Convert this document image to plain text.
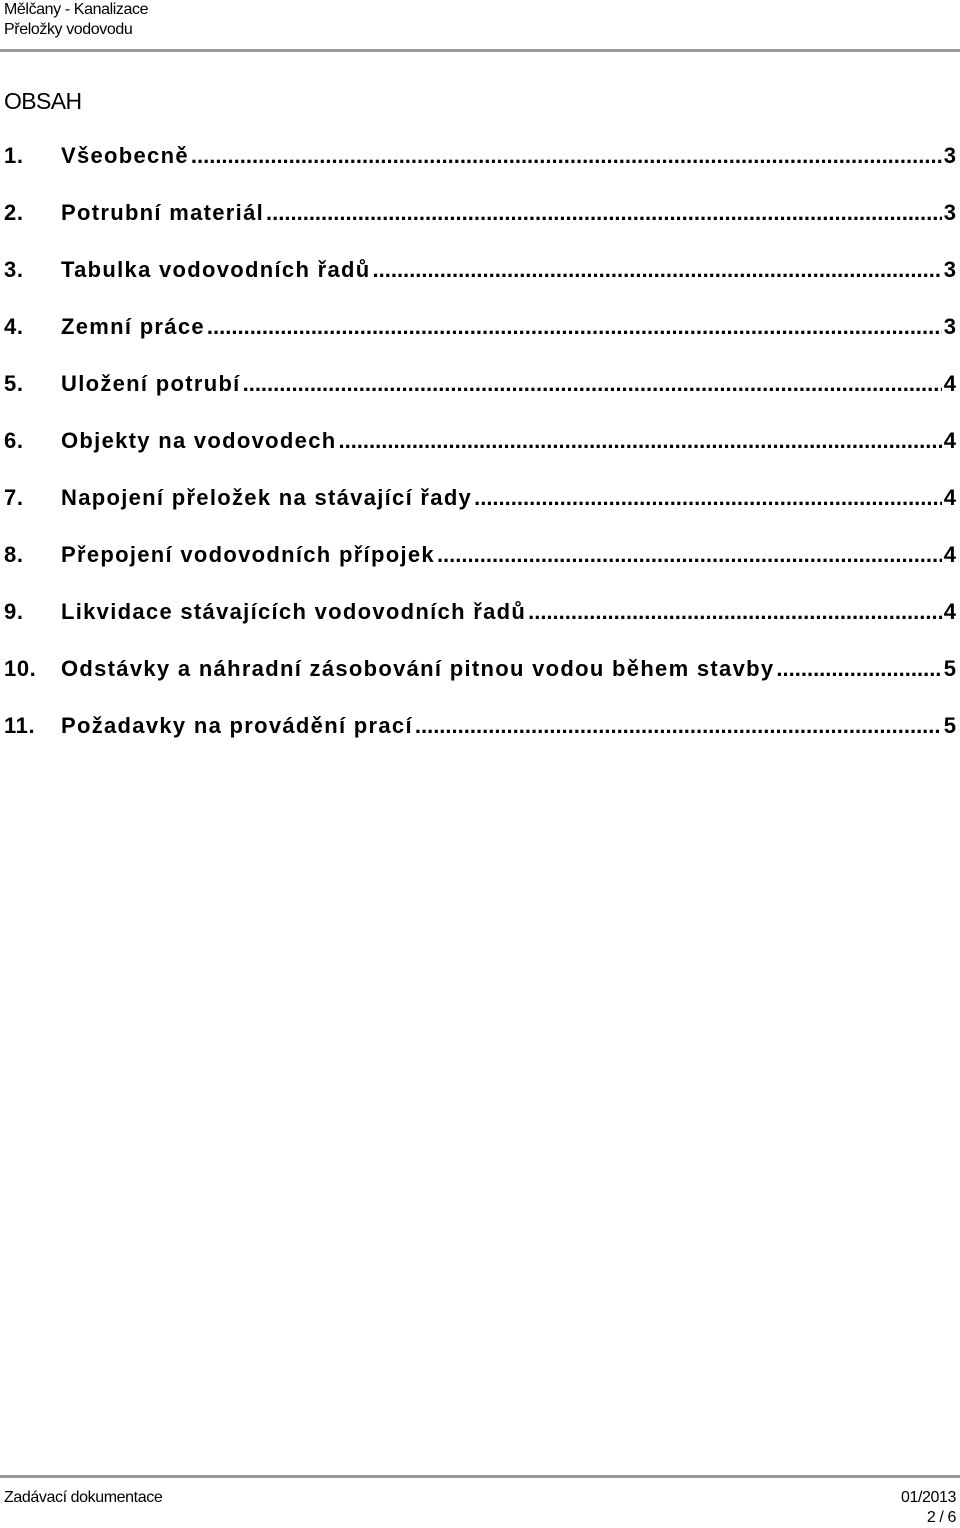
Mělčany - Kanalizace
Přeložky vodovodu
OBSAH
1.	Všeobecně .....	3
2.	Potrubní materiál .....	3
3.	Tabulka vodovodních řadů .....	3
4.	Zemní práce .....	3
5.	Uložení potrubí .....	4
6.	Objekty na vodovodech .....	4
7.	Napojení přeložek na stávající řady .....	4
8.	Přepojení vodovodních přípojek .....	4
9.	Likvidace stávajících vodovodních řadů .....	4
10.	Odstávky a náhradní zásobování pitnou vodou během stavby .....	5
11.	Požadavky na provádění prací .....	5
Zadávací dokumentace	01/2013
2 / 6
